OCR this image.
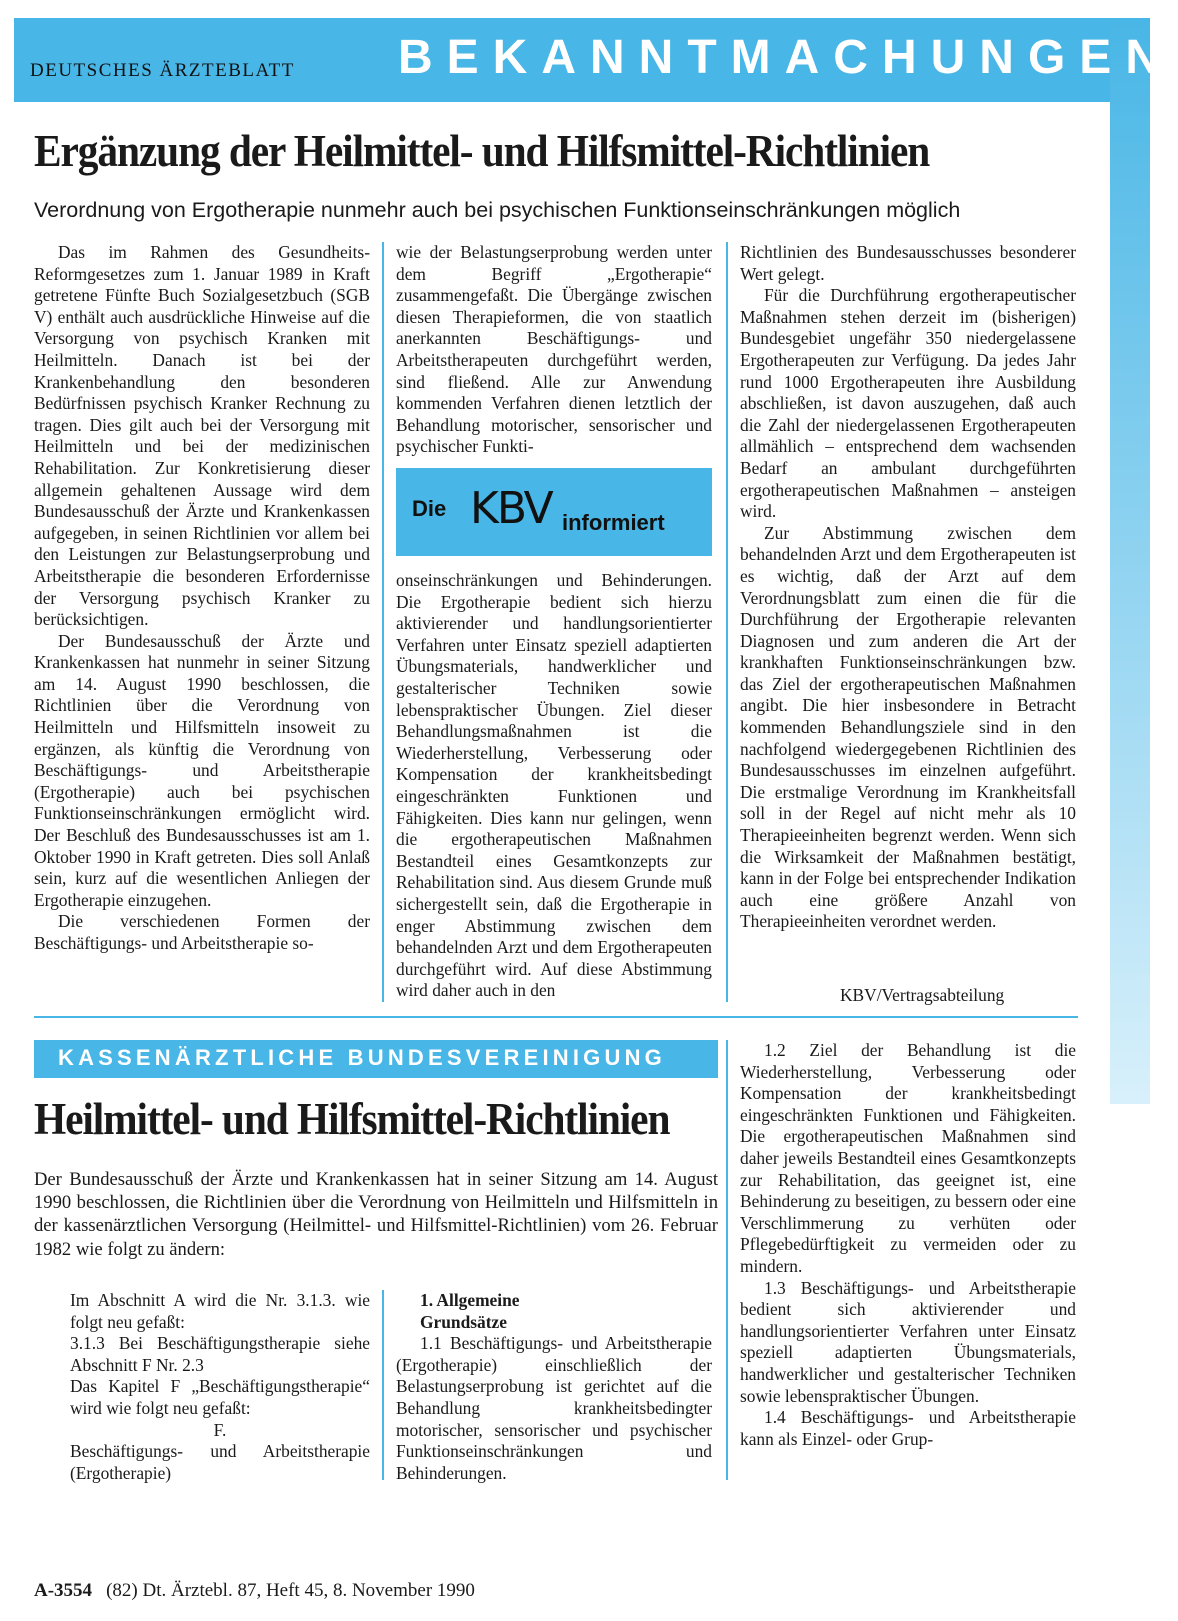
DEUTSCHES ÄRZTEBLATT BEKANNTMACHUNGEN
Ergänzung der Heilmittel- und Hilfsmittel-Richtlinien
Verordnung von Ergotherapie nunmehr auch bei psychischen Funktionseinschränkungen möglich

Das im Rahmen des Gesundheits-Reformgesetzes zum 1. Januar 1989 in Kraft getretene Fünfte Buch Sozialgesetzbuch (SGB V) enthält auch ausdrückliche Hinweise auf die Versorgung von psychisch Kranken mit Heilmitteln. Danach ist bei der Krankenbehandlung den besonderen Bedürfnissen psychisch Kranker Rechnung zu tragen. Dies gilt auch bei der Versorgung mit Heilmitteln und bei der medizinischen Rehabilitation. Zur Konkretisierung dieser allgemein gehaltenen Aussage wird dem Bundesausschuß der Ärzte und Krankenkassen aufgegeben, in seinen Richtlinien vor allem bei den Leistungen zur Belastungserprobung und Arbeitstherapie die besonderen Erfordernisse der Versorgung psychisch Kranker zu berücksichtigen.

Der Bundesausschuß der Ärzte und Krankenkassen hat nunmehr in seiner Sitzung am 14. August 1990 beschlossen, die Richtlinien über die Verordnung von Heilmitteln und Hilfsmitteln insoweit zu ergänzen, als künftig die Verordnung von Beschäftigungs- und Arbeitstherapie (Ergotherapie) auch bei psychischen Funktionseinschränkungen ermöglicht wird. Der Beschluß des Bundesausschusses ist am 1. Oktober 1990 in Kraft getreten. Dies soll Anlaß sein, kurz auf die wesentlichen Anliegen der Ergotherapie einzugehen.

Die verschiedenen Formen der Beschäftigungs- und Arbeitstherapie so-

wie der Belastungserprobung werden unter dem Begriff „Ergotherapie“ zusammengefaßt. Die Übergänge zwischen diesen Therapieformen, die von staatlich anerkannten Beschäftigungs- und Arbeitstherapeuten durchgeführt werden, sind fließend. Alle zur Anwendung kommenden Verfahren dienen letztlich der Behandlung motorischer, sensorischer und psychischer Funkti-

Die KBV informiert

onseinschränkungen und Behinderungen. Die Ergotherapie bedient sich hierzu aktivierender und handlungsorientierter Verfahren unter Einsatz speziell adaptierten Übungsmaterials, handwerklicher und gestalterischer Techniken sowie lebenspraktischer Übungen. Ziel dieser Behandlungsmaßnahmen ist die Wiederherstellung, Verbesserung oder Kompensation der krankheitsbedingt eingeschränkten Funktionen und Fähigkeiten. Dies kann nur gelingen, wenn die ergotherapeutischen Maßnahmen Bestandteil eines Gesamtkonzepts zur Rehabilitation sind. Aus diesem Grunde muß sichergestellt sein, daß die Ergotherapie in enger Abstimmung zwischen dem behandelnden Arzt und dem Ergotherapeuten durchgeführt wird. Auf diese Abstimmung wird daher auch in den

Richtlinien des Bundesausschusses besonderer Wert gelegt.

Für die Durchführung ergotherapeutischer Maßnahmen stehen derzeit im (bisherigen) Bundesgebiet ungefähr 350 niedergelassene Ergotherapeuten zur Verfügung. Da jedes Jahr rund 1000 Ergotherapeuten ihre Ausbildung abschließen, ist davon auszugehen, daß auch die Zahl der niedergelassenen Ergotherapeuten allmählich – entsprechend dem wachsenden Bedarf an ambulant durchgeführten ergotherapeutischen Maßnahmen – ansteigen wird.

Zur Abstimmung zwischen dem behandelnden Arzt und dem Ergotherapeuten ist es wichtig, daß der Arzt auf dem Verordnungsblatt zum einen die für die Durchführung der Ergotherapie relevanten Diagnosen und zum anderen die Art der krankhaften Funktionseinschränkungen bzw. das Ziel der ergotherapeutischen Maßnahmen angibt. Die hier insbesondere in Betracht kommenden Behandlungsziele sind in den nachfolgend wiedergegebenen Richtlinien des Bundesausschusses im einzelnen aufgeführt. Die erstmalige Verordnung im Krankheitsfall soll in der Regel auf nicht mehr als 10 Therapieeinheiten begrenzt werden. Wenn sich die Wirksamkeit der Maßnahmen bestätigt, kann in der Folge bei entsprechender Indikation auch eine größere Anzahl von Therapieeinheiten verordnet werden.

KBV/Vertragsabteilung
KASSENÄRZTLICHE BUNDESVEREINIGUNG
Heilmittel- und Hilfsmittel-Richtlinien

Der Bundesausschuß der Ärzte und Krankenkassen hat in seiner Sitzung am 14. August 1990 beschlossen, die Richtlinien über die Verordnung von Heilmitteln und Hilfsmitteln in der kassenärztlichen Versorgung (Heilmittel- und Hilfsmittel-Richtlinien) vom 26. Februar 1982 wie folgt zu ändern:

Im Abschnitt A wird die Nr. 3.1.3. wie folgt neu gefaßt:

3.1.3 Bei Beschäftigungstherapie siehe Abschnitt F Nr. 2.3

Das Kapitel F „Beschäftigungstherapie“ wird wie folgt neu gefaßt:

F.

Beschäftigungs- und Arbeitstherapie (Ergotherapie)

1. Allgemeine

Grundsätze

1.1 Beschäftigungs- und Arbeitstherapie (Ergotherapie) einschließlich der Belastungserprobung ist gerichtet auf die Behandlung krankheitsbedingter motorischer, sensorischer und psychischer Funktionseinschränkungen und Behinderungen.

1.2 Ziel der Behandlung ist die Wiederherstellung, Verbesserung oder Kompensation der krankheitsbedingt eingeschränkten Funktionen und Fähigkeiten. Die ergotherapeutischen Maßnahmen sind daher jeweils Bestandteil eines Gesamtkonzepts zur Rehabilitation, das geeignet ist, eine Behinderung zu beseitigen, zu bessern oder eine Verschlimmerung zu verhüten oder Pflegebedürftigkeit zu vermeiden oder zu mindern.

1.3 Beschäftigungs- und Arbeitstherapie bedient sich aktivierender und handlungsorientierter Verfahren unter Einsatz speziell adaptierten Übungsmaterials, handwerklicher und gestalterischer Techniken sowie lebenspraktischer Übungen.

1.4 Beschäftigungs- und Arbeitstherapie kann als Einzel- oder Grup-

A-3554 (82) Dt. Ärztebl. 87, Heft 45, 8. November 1990
